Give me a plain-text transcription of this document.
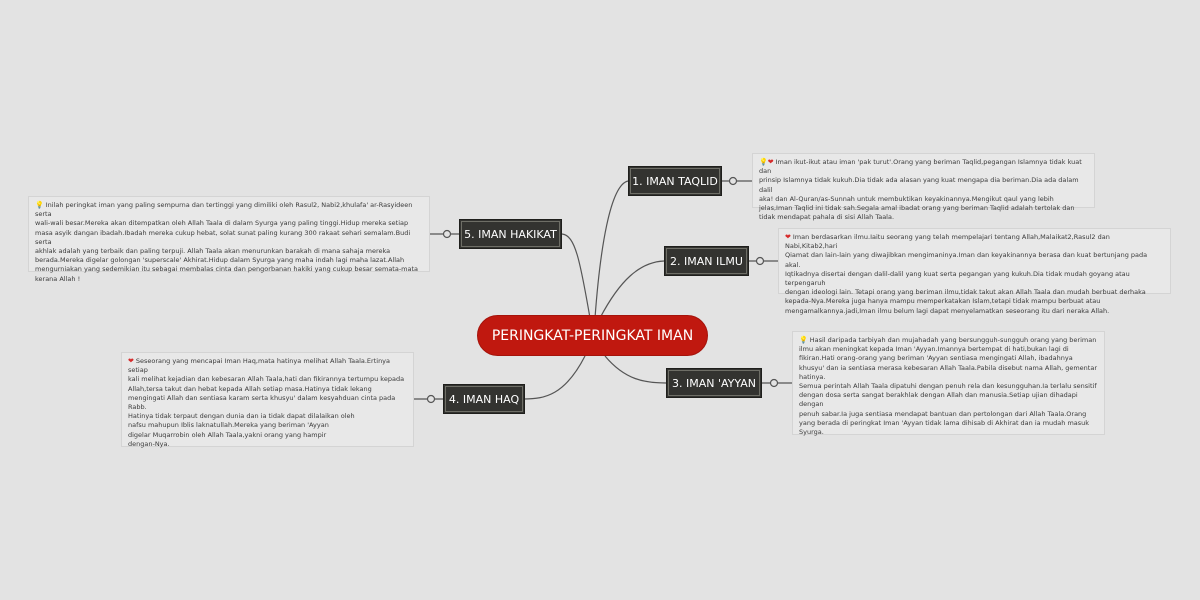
PERINGKAT-PERINGKAT IMAN
1. IMAN TAQLID
2. IMAN ILMU
3. IMAN 'AYYAN
4. IMAN HAQ
5. IMAN HAKIKAT
💡❤ Iman ikut-ikut atau iman 'pak turut'.Orang yang beriman Taqlid,pegangan Islamnya tidak kuat dan
prinsip Islamnya tidak kukuh.Dia tidak ada alasan yang kuat mengapa dia beriman.Dia ada dalam dalil
aka! dan Al-Quran/as-Sunnah untuk membuktikan keyakinannya.Mengikut qaul yang lebih
jelas,Iman Taqlid ini tidak sah.Segala amal ibadat orang yang beriman Taqlid adalah tertolak dan
tidak mendapat pahala di sisi Allah Taala.
❤ Iman berdasarkan ilmu.Iaitu seorang yang telah mempelajari tentang Allah,Malaikat2,Rasul2 dan Nabi,Kitab2,hari
Qiamat dan lain-lain yang diwajibkan mengimaninya.Iman dan keyakinannya berasa dan kuat bertunjang pada akal.
Iqtikadnya disertai dengan dalil-dalil yang kuat serta pegangan yang kukuh.Dia tidak mudah goyang atau terpengaruh
dengan ideologi lain. Tetapi orang yang beriman ilmu,tidak takut akan Allah Taala dan mudah berbuat derhaka
kepada-Nya.Mereka juga hanya mampu memperkatakan Islam,tetapi tidak mampu berbuat atau
mengamalkannya.jadi,Iman ilmu belum lagi dapat menyelamatkan seseorang itu dari neraka Allah.
💡 Hasil daripada tarbiyah dan mujahadah yang bersungguh-sungguh orang yang beriman
ilmu akan meningkat kepada Iman 'Ayyan.Imannya bertempat di hati,bukan lagi di
fikiran.Hati orang-orang yang beriman 'Ayyan sentiasa mengingati Allah, ibadahnya
khusyu' dan ia sentiasa merasa kebesaran Allah Taala.Pabila disebut nama Allah, gementar
hatinya.
Semua perintah Allah Taala dipatuhi dengan penuh rela dan kesungguhan.Ia terlalu sensitif
dengan dosa serta sangat berakhlak dengan Allah dan manusia.Setiap ujian dihadapi dengan
penuh sabar.Ia juga sentiasa mendapat bantuan dan pertolongan dari Allah Taala.Orang
yang berada di peringkat Iman 'Ayyan tidak lama dihisab di Akhirat dan ia mudah masuk
Syurga.
❤ Seseorang yang mencapai Iman Haq,mata hatinya melihat Allah Taala.Ertinya setiap
kali melihat kejadian dan kebesaran Allah Taala,hati dan fikirannya tertumpu kepada
Allah,tersa takut dan hebat kepada Allah setiap masa.Hatinya tidak lekang
mengingati Allah dan sentiasa karam serta khusyu' dalam kesyahduan cinta pada
Rabb.
Hatinya tidak terpaut dengan dunia dan ia tidak dapat dilalaikan oleh
nafsu mahupun Iblis laknatullah.Mereka yang beriman 'Ayyan
digelar Muqarrobin oleh Allah Taala,yakni orang yang hampir
dengan-Nya.
💡 Inilah peringkat iman yang paling sempurna dan tertinggi yang dimiliki oleh Rasul2, Nabi2,khulafa' ar-Rasyideen serta
wali-wali besar.Mereka akan ditempatkan oleh Allah Taala di dalam Syurga yang paling tinggi.Hidup mereka setiap
masa asyik dangan ibadah.Ibadah mereka cukup hebat, solat sunat paling kurang 300 rakaat sehari semalam.Budi serta
akhlak adalah yang terbaik dan paling terpuji. Allah Taala akan menurunkan barakah di mana sahaja mereka
berada.Mereka digelar golongan 'superscale' Akhirat.Hidup dalam Syurga yang maha indah lagi maha lazat.Allah
mengurniakan yang sedemikian itu sebagai membalas cinta dan pengorbanan hakiki yang cukup besar semata-mata
kerana Allah !
